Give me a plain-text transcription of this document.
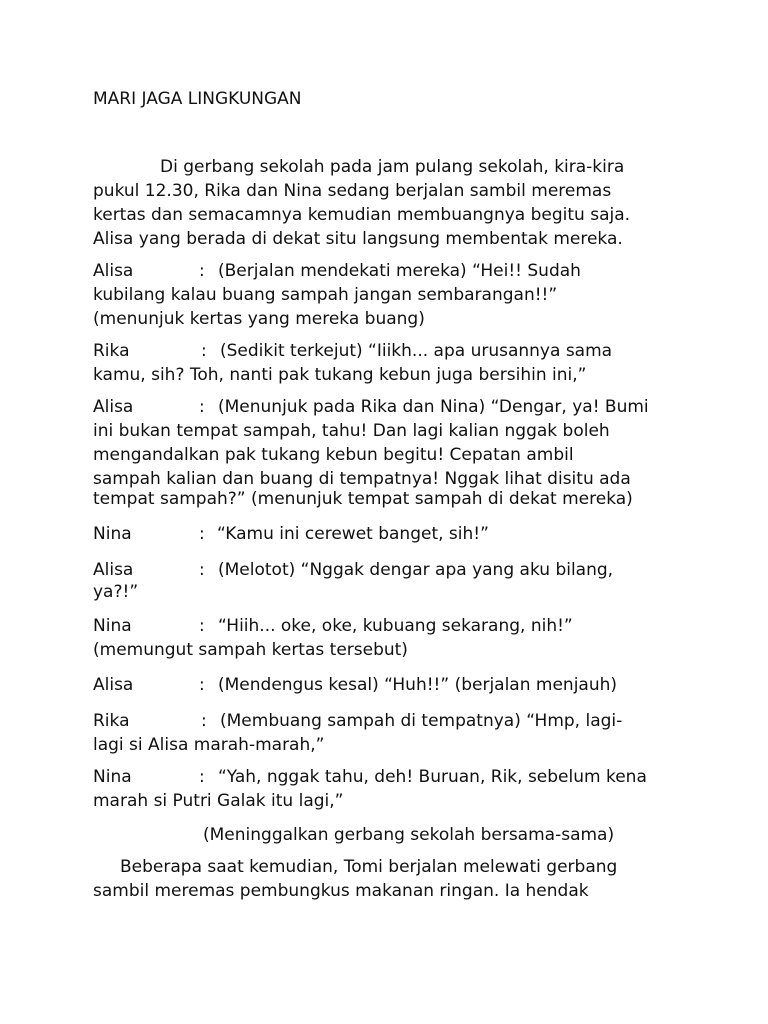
MARI JAGA LINGKUNGAN
Di gerbang sekolah pada jam pulang sekolah, kira-kira
pukul 12.30, Rika dan Nina sedang berjalan sambil meremas
kertas dan semacamnya kemudian membuangnya begitu saja.
Alisa yang berada di dekat situ langsung membentak mereka.
Alisa	: (Berjalan mendekati mereka) “Hei!! Sudah
kubilang kalau buang sampah jangan sembarangan!!”
(menunjuk kertas yang mereka buang)
Rika	: (Sedikit terkejut) “Iiikh... apa urusannya sama
kamu, sih? Toh, nanti pak tukang kebun juga bersihin ini,”
Alisa	: (Menunjuk pada Rika dan Nina) “Dengar, ya! Bumi
ini bukan tempat sampah, tahu! Dan lagi kalian nggak boleh
mengandalkan pak tukang kebun begitu! Cepatan ambil
sampah kalian dan buang di tempatnya! Nggak lihat disitu ada
tempat sampah?” (menunjuk tempat sampah di dekat mereka)
Nina	: “Kamu ini cerewet banget, sih!”
Alisa	: (Melotot) “Nggak dengar apa yang aku bilang,
ya?!”
Nina	: “Hiih... oke, oke, kubuang sekarang, nih!”
(memungut sampah kertas tersebut)
Alisa	: (Mendengus kesal) “Huh!!” (berjalan menjauh)
Rika	: (Membuang sampah di tempatnya) “Hmp, lagi-
lagi si Alisa marah-marah,”
Nina	: “Yah, nggak tahu, deh! Buruan, Rik, sebelum kena
marah si Putri Galak itu lagi,”
(Meninggalkan gerbang sekolah bersama-sama)
Beberapa saat kemudian, Tomi berjalan melewati gerbang
sambil meremas pembungkus makanan ringan. Ia hendak
